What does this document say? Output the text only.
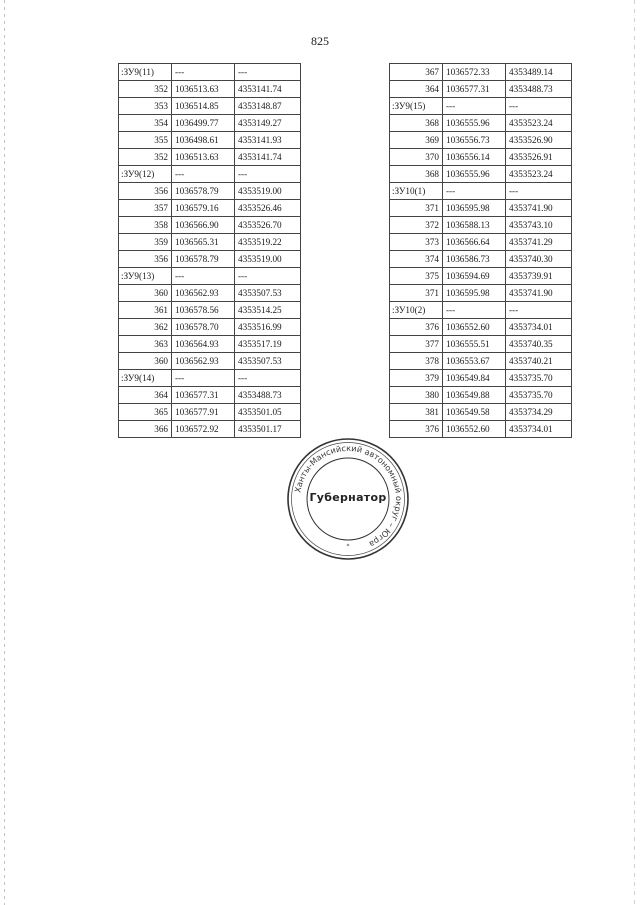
825
:ЗУ9(11)	---	---
352	1036513.63	4353141.74
353	1036514.85	4353148.87
354	1036499.77	4353149.27
355	1036498.61	4353141.93
352	1036513.63	4353141.74
:ЗУ9(12)	---	---
356	1036578.79	4353519.00
357	1036579.16	4353526.46
358	1036566.90	4353526.70
359	1036565.31	4353519.22
356	1036578.79	4353519.00
:ЗУ9(13)	---	---
360	1036562.93	4353507.53
361	1036578.56	4353514.25
362	1036578.70	4353516.99
363	1036564.93	4353517.19
360	1036562.93	4353507.53
:ЗУ9(14)	---	---
364	1036577.31	4353488.73
365	1036577.91	4353501.05
366	1036572.92	4353501.17
367	1036572.33	4353489.14
364	1036577.31	4353488.73
:ЗУ9(15)	---	---
368	1036555.96	4353523.24
369	1036556.73	4353526.90
370	1036556.14	4353526.91
368	1036555.96	4353523.24
:ЗУ10(1)	---	---
371	1036595.98	4353741.90
372	1036588.13	4353743.10
373	1036566.64	4353741.29
374	1036586.73	4353740.30
375	1036594.69	4353739.91
371	1036595.98	4353741.90
:ЗУ10(2)	---	---
376	1036552.60	4353734.01
377	1036555.51	4353740.35
378	1036553.67	4353740.21
379	1036549.84	4353735.70
380	1036549.88	4353735.70
381	1036549.58	4353734.29
376	1036552.60	4353734.01
Ханты-Мансийский автономный округ – Югра
*
Губернатор
